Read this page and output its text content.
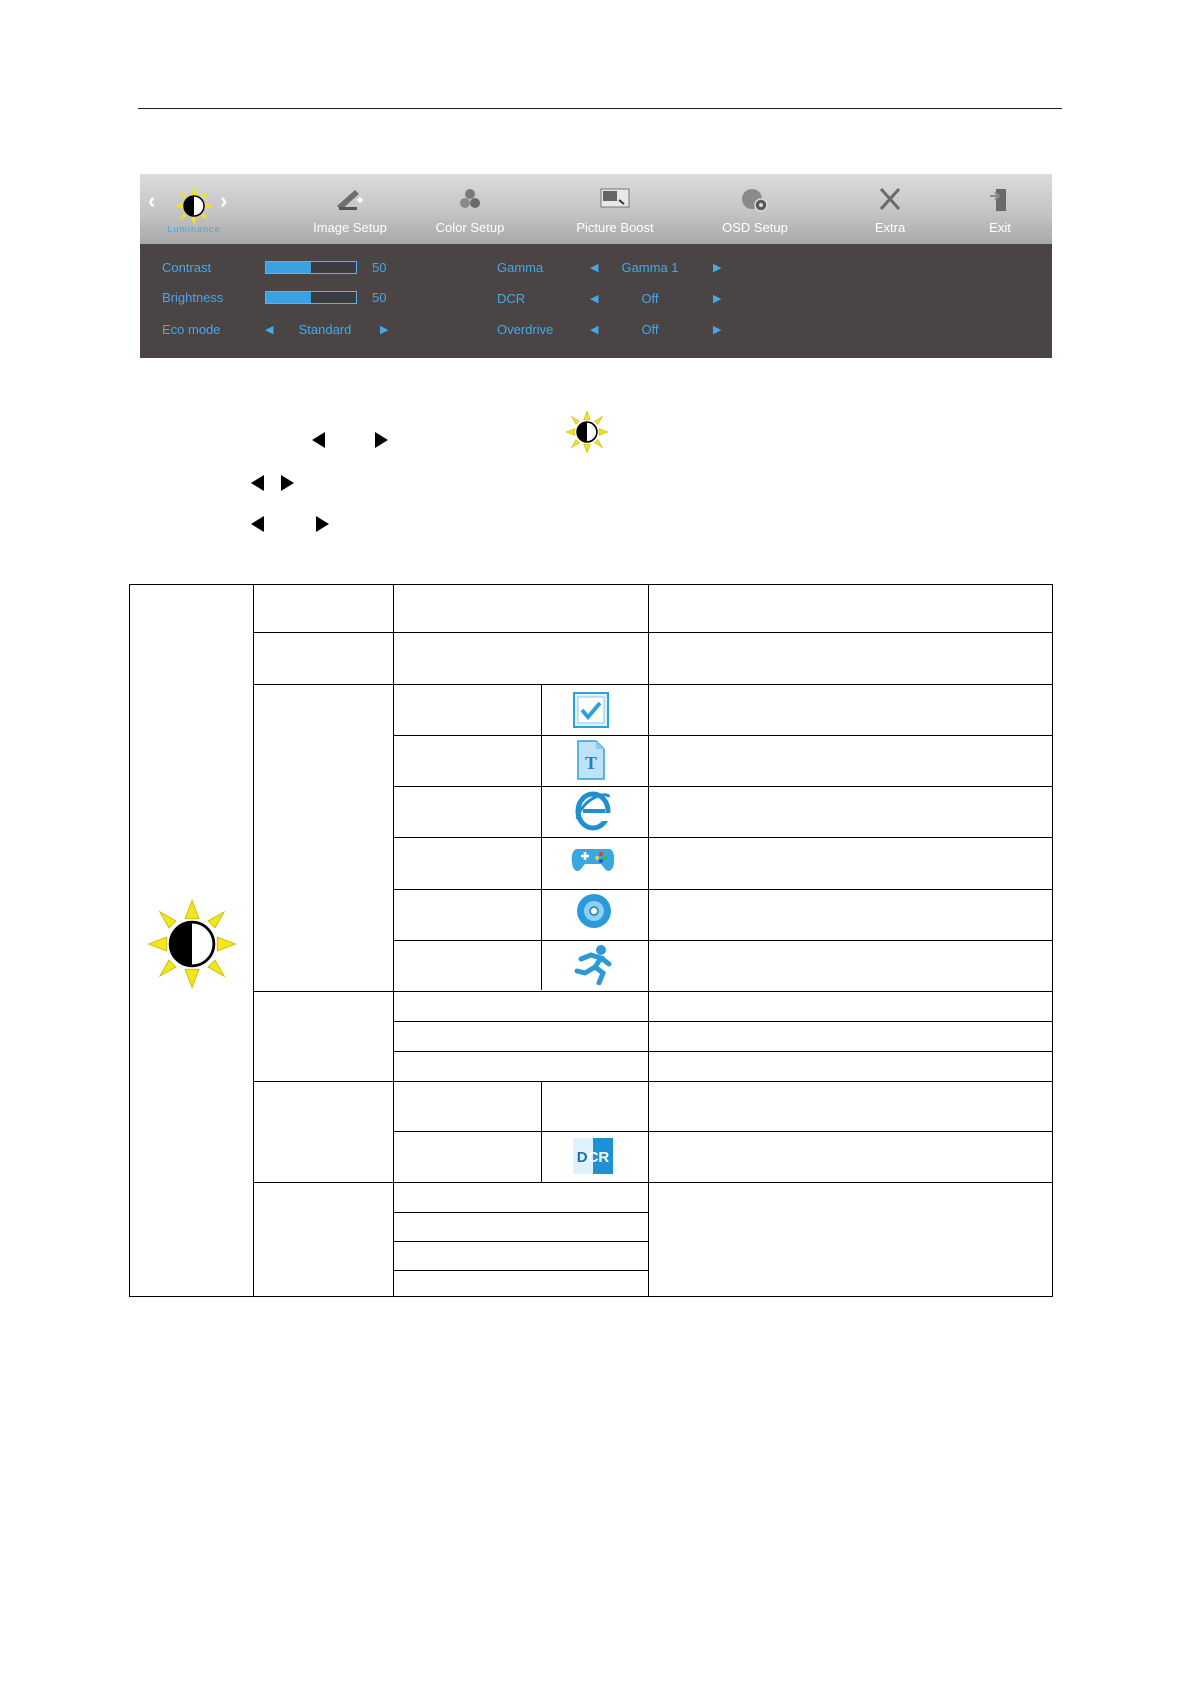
‹	›
Luminance	Image Setup	Color Setup	Picture Boost	OSD Setup	Extra	Exit
Contrast	50
Brightness	50
Eco mode	◀	Standard	▶
Gamma	◀	Gamma 1	▶
DCR	◀	Off	▶
Overdrive	◀	Off	▶
T
DCR
